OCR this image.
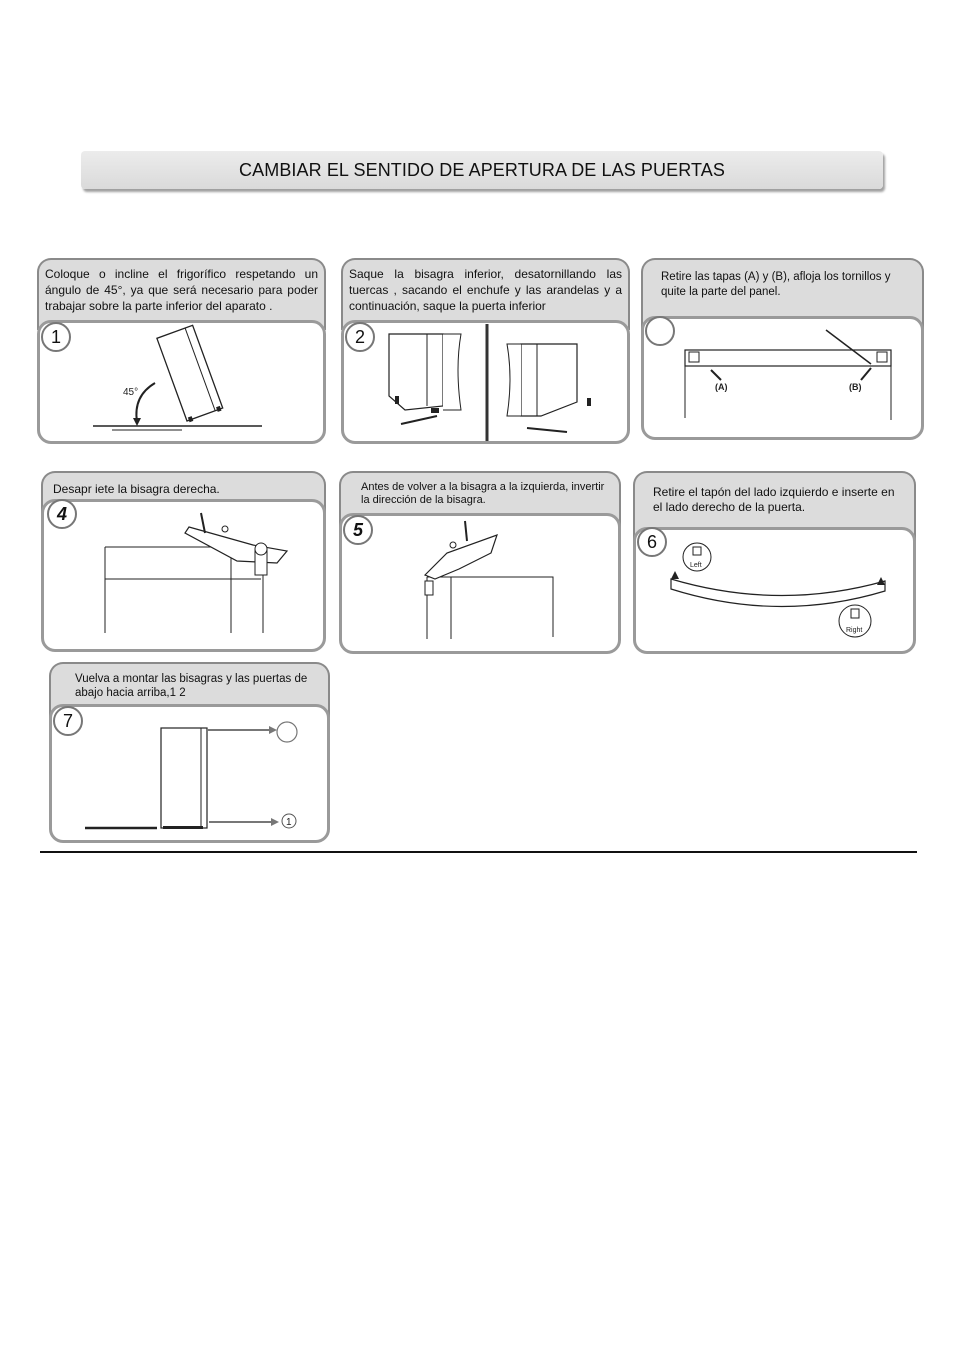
CAMBIAR EL SENTIDO DE APERTURA DE LAS PUERTAS

Coloque o incline el frigorífico respetando un ángulo de 45°, ya que será necesario para poder trabajar sobre la parte inferior del aparato .

1
45°

Saque la bisagra inferior, desatornillando las tuercas , sacando el enchufe y las arandelas y a continuación, saque la puerta inferior

2

Retire las tapas (A) y (B), afloja los tornillos y quite la parte del panel.

(A)	(B)

Desapr iete la bisagra derecha.

4

Antes de volver a la bisagra a la izquierda, invertir la dirección de la bisagra.

5

Retire el tapón del lado izquierdo e inserte en el lado derecho de la puerta.

6
Left
Right

Vuelva a montar las bisagras y las puertas de abajo hacia arriba,1 2

7
1
